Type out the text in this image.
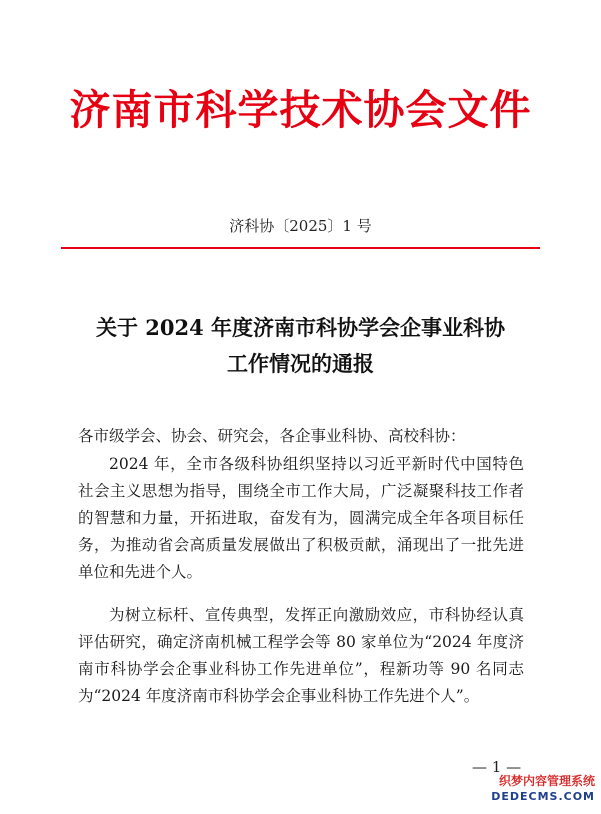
济南市科学技术协会文件
济科协〔2025〕1 号
关于 2024 年度济南市科协学会企事业科协
工作情况的通报
各市级学会、协会、研究会，各企事业科协、高校科协：

2024 年，全市各级科协组织坚持以习近平新时代中国特色社会主义思想为指导，围绕全市工作大局，广泛凝聚科技工作者的智慧和力量，开拓进取，奋发有为，圆满完成全年各项目标任务，为推动省会高质量发展做出了积极贡献，涌现出了一批先进单位和先进个人。

为树立标杆、宣传典型，发挥正向激励效应，市科协经认真评估研究，确定济南机械工程学会等 80 家单位为“2024 年度济南市科协学会企事业科协工作先进单位”，程新功等 90 名同志为“2024 年度济南市科协学会企事业科协工作先进个人”。

— 1 —
织梦内容管理系统
DEDECMS.COM
